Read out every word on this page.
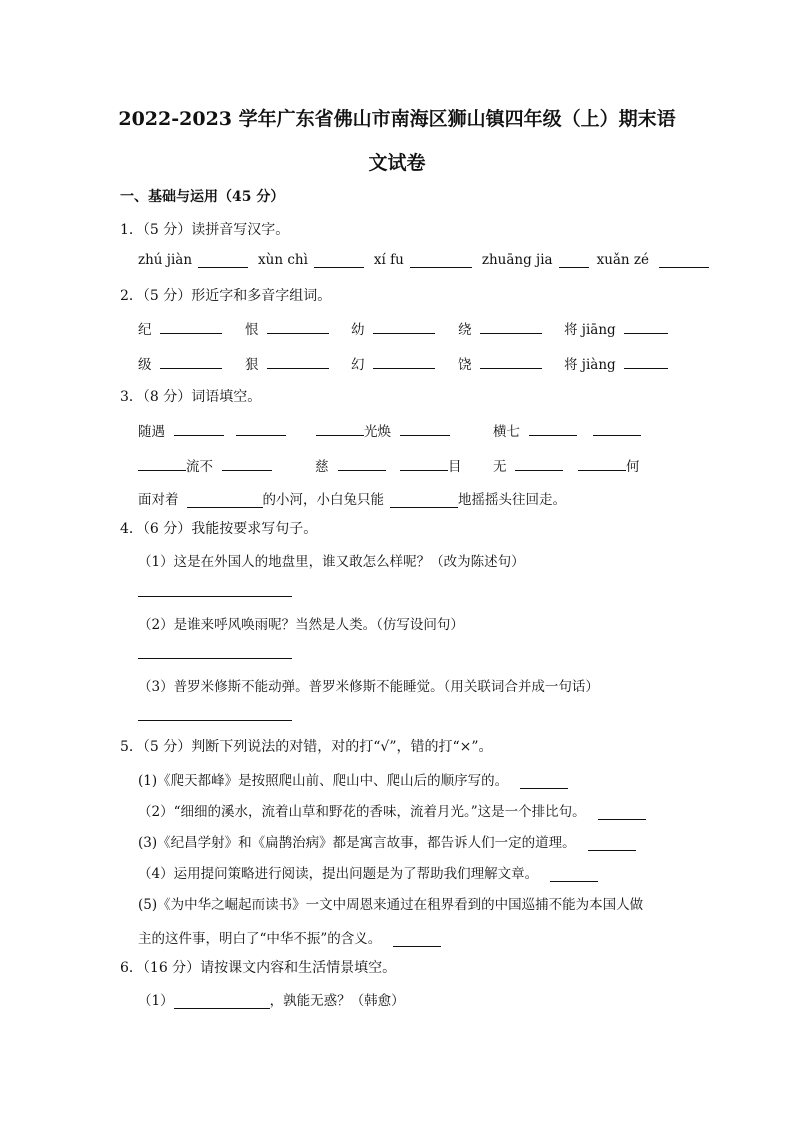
2022-2023 学年广东省佛山市南海区狮山镇四年级（上）期末语
文试卷
一、基础与运用（45 分）
1．（5 分）读拼音写汉字。
zhú jiàn	xùn chì	xí fu	zhuāng jia	xuǎn zé
2．（5 分）形近字和多音字组词。
纪	恨	幼	绕	将 jiāng
级	狠	幻	饶	将 jiàng
3．（8 分）词语填空。
随遇	光焕	横七
流不	慈	目 无	何
面对着	的小河，小白兔只能	地摇摇头往回走。
4．（6 分）我能按要求写句子。
（1）这是在外国人的地盘里，谁又敢怎么样呢？（改为陈述句）
（2）是谁来呼风唤雨呢？当然是人类。（仿写设问句）
（3）普罗米修斯不能动弹。普罗米修斯不能睡觉。（用关联词合并成一句话）
5．（5 分）判断下列说法的对错，对的打“√”，错的打“×”。
(1)《爬天都峰》是按照爬山前、爬山中、爬山后的顺序写的。
（2）“细细的溪水，流着山草和野花的香味，流着月光。”这是一个排比句。
(3)《纪昌学射》和《扁鹊治病》都是寓言故事，都告诉人们一定的道理。
（4）运用提问策略进行阅读，提出问题是为了帮助我们理解文章。
(5)《为中华之崛起而读书》一文中周恩来通过在租界看到的中国巡捕不能为本国人做
主的这件事，明白了“中华不振”的含义。
6．（16 分）请按课文内容和生活情景填空。
（1）	，孰能无惑？（韩愈）
